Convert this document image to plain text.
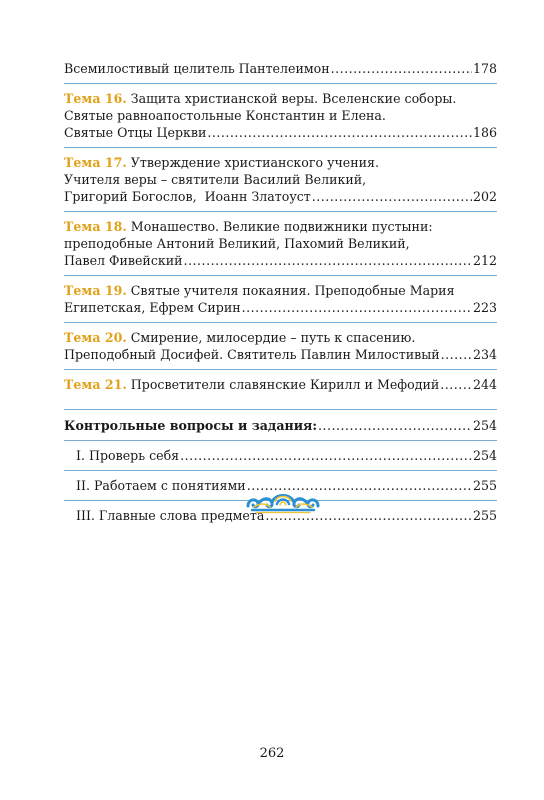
Всемилостивый целитель Пантелеимон .....	178
Тема 16. Защита христианской веры. Вселенские соборы.
Святые равноапостольные Константин и Елена.
Святые Отцы Церкви .....	186
Тема 17. Утверждение христианского учения.
Учителя веры – святители Василий Великий,
Григорий Богослов,  Иоанн Златоуст .....	202
Тема 18. Монашество. Великие подвижники пустыни:
преподобные Антоний Великий, Пахомий Великий,
Павел Фивейский .....	212
Тема 19. Святые учителя покаяния. Преподобные Мария
Египетская, Ефрем Сирин .....	223
Тема 20. Смирение, милосердие – путь к спасению.
Преподобный Досифей. Святитель Павлин Милостивый .....	234
Тема 21. Просветители славянские Кирилл и Мефодий .....	244
Контрольные вопросы и задания: .....	254
I. Проверь себя .....	254
II. Работаем с понятиями .....	255
III. Главные слова предмета .....	255
262
